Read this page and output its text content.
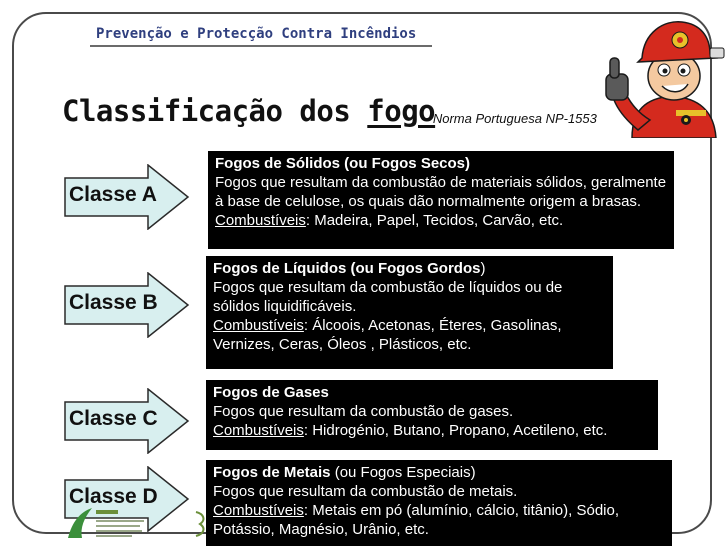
Prevenção e Protecção Contra Incêndios
Classificação dos fogo
– Norma Portuguesa NP-1553
Classe A
Fogos de Sólidos (ou Fogos Secos)
Fogos que resultam da combustão de materiais sólidos, geralmente à base de celulose, os quais dão normalmente origem a brasas.
Combustíveis: Madeira, Papel, Tecidos, Carvão, etc.
Classe B
Fogos de Líquidos (ou Fogos Gordos)
Fogos que resultam da combustão de líquidos ou de sólidos liquidificáveis.
Combustíveis: Álcoois, Acetonas, Éteres, Gasolinas, Vernizes, Ceras, Óleos , Plásticos, etc.
Classe C
Fogos de Gases
Fogos que resultam da combustão de gases.
Combustíveis: Hidrogénio, Butano, Propano, Acetileno, etc.
Classe D
Fogos de Metais (ou Fogos Especiais)
Fogos que resultam da combustão de metais.
Combustíveis: Metais em pó (alumínio, cálcio, titânio), Sódio, Potássio, Magnésio, Urânio, etc.
